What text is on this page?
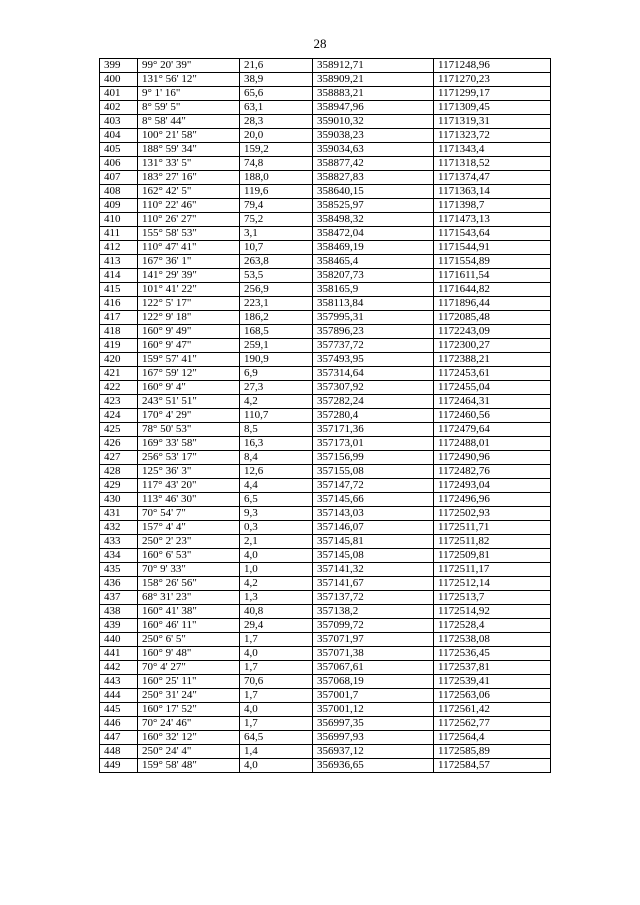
28
399	99° 20' 39"	21,6	358912,71	1171248,96
400	131° 56' 12"	38,9	358909,21	1171270,23
401	9° 1' 16"	65,6	358883,21	1171299,17
402	8° 59' 5"	63,1	358947,96	1171309,45
403	8° 58' 44"	28,3	359010,32	1171319,31
404	100° 21' 58"	20,0	359038,23	1171323,72
405	188° 59' 34"	159,2	359034,63	1171343,4
406	131° 33' 5"	74,8	358877,42	1171318,52
407	183° 27' 16"	188,0	358827,83	1171374,47
408	162° 42' 5"	119,6	358640,15	1171363,14
409	110° 22' 46"	79,4	358525,97	1171398,7
410	110° 26' 27"	75,2	358498,32	1171473,13
411	155° 58' 53"	3,1	358472,04	1171543,64
412	110° 47' 41"	10,7	358469,19	1171544,91
413	167° 36' 1"	263,8	358465,4	1171554,89
414	141° 29' 39"	53,5	358207,73	1171611,54
415	101° 41' 22"	256,9	358165,9	1171644,82
416	122° 5' 17"	223,1	358113,84	1171896,44
417	122° 9' 18"	186,2	357995,31	1172085,48
418	160° 9' 49"	168,5	357896,23	1172243,09
419	160° 9' 47"	259,1	357737,72	1172300,27
420	159° 57' 41"	190,9	357493,95	1172388,21
421	167° 59' 12"	6,9	357314,64	1172453,61
422	160° 9' 4"	27,3	357307,92	1172455,04
423	243° 51' 51"	4,2	357282,24	1172464,31
424	170° 4' 29"	110,7	357280,4	1172460,56
425	78° 50' 53"	8,5	357171,36	1172479,64
426	169° 33' 58"	16,3	357173,01	1172488,01
427	256° 53' 17"	8,4	357156,99	1172490,96
428	125° 36' 3"	12,6	357155,08	1172482,76
429	117° 43' 20"	4,4	357147,72	1172493,04
430	113° 46' 30"	6,5	357145,66	1172496,96
431	70° 54' 7"	9,3	357143,03	1172502,93
432	157° 4' 4"	0,3	357146,07	1172511,71
433	250° 2' 23"	2,1	357145,81	1172511,82
434	160° 6' 53"	4,0	357145,08	1172509,81
435	70° 9' 33"	1,0	357141,32	1172511,17
436	158° 26' 56"	4,2	357141,67	1172512,14
437	68° 31' 23"	1,3	357137,72	1172513,7
438	160° 41' 38"	40,8	357138,2	1172514,92
439	160° 46' 11"	29,4	357099,72	1172528,4
440	250° 6' 5"	1,7	357071,97	1172538,08
441	160° 9' 48"	4,0	357071,38	1172536,45
442	70° 4' 27"	1,7	357067,61	1172537,81
443	160° 25' 11"	70,6	357068,19	1172539,41
444	250° 31' 24"	1,7	357001,7	1172563,06
445	160° 17' 52"	4,0	357001,12	1172561,42
446	70° 24' 46"	1,7	356997,35	1172562,77
447	160° 32' 12"	64,5	356997,93	1172564,4
448	250° 24' 4"	1,4	356937,12	1172585,89
449	159° 58' 48"	4,0	356936,65	1172584,57
